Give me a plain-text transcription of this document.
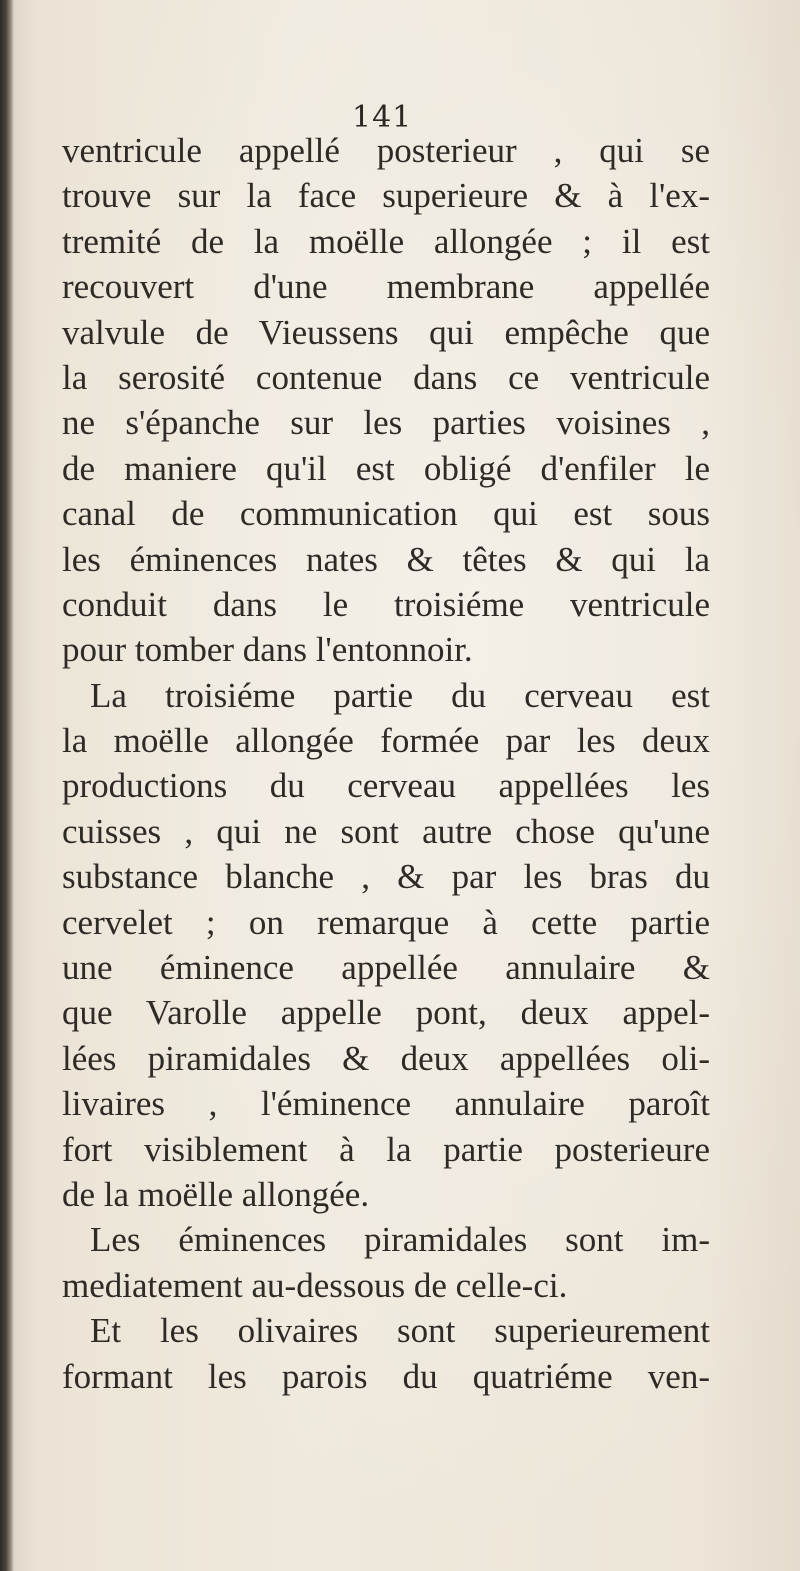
141
ventricule appellé posterieur , qui se
trouve sur la face superieure & à l'ex-
tremité de la moëlle allongée ; il est
recouvert d'une membrane appellée
valvule de Vieussens qui empêche que
la serosité contenue dans ce ventricule
ne s'épanche sur les parties voisines ,
de maniere qu'il est obligé d'enfiler le
canal de communication qui est sous
les éminences nates & têtes & qui la
conduit dans le troisiéme ventricule
pour tomber dans l'entonnoir.
La troisiéme partie du cerveau est
la moëlle allongée formée par les deux
productions du cerveau appellées les
cuisses , qui ne sont autre chose qu'une
substance blanche , & par les bras du
cervelet ; on remarque à cette partie
une éminence appellée annulaire &
que Varolle appelle pont, deux appel-
lées piramidales & deux appellées oli-
livaires , l'éminence annulaire paroît
fort visiblement à la partie posterieure
de la moëlle allongée.
Les éminences piramidales sont im-
mediatement au-dessous de celle-ci.
Et les olivaires sont superieurement
formant les parois du quatriéme ven-
